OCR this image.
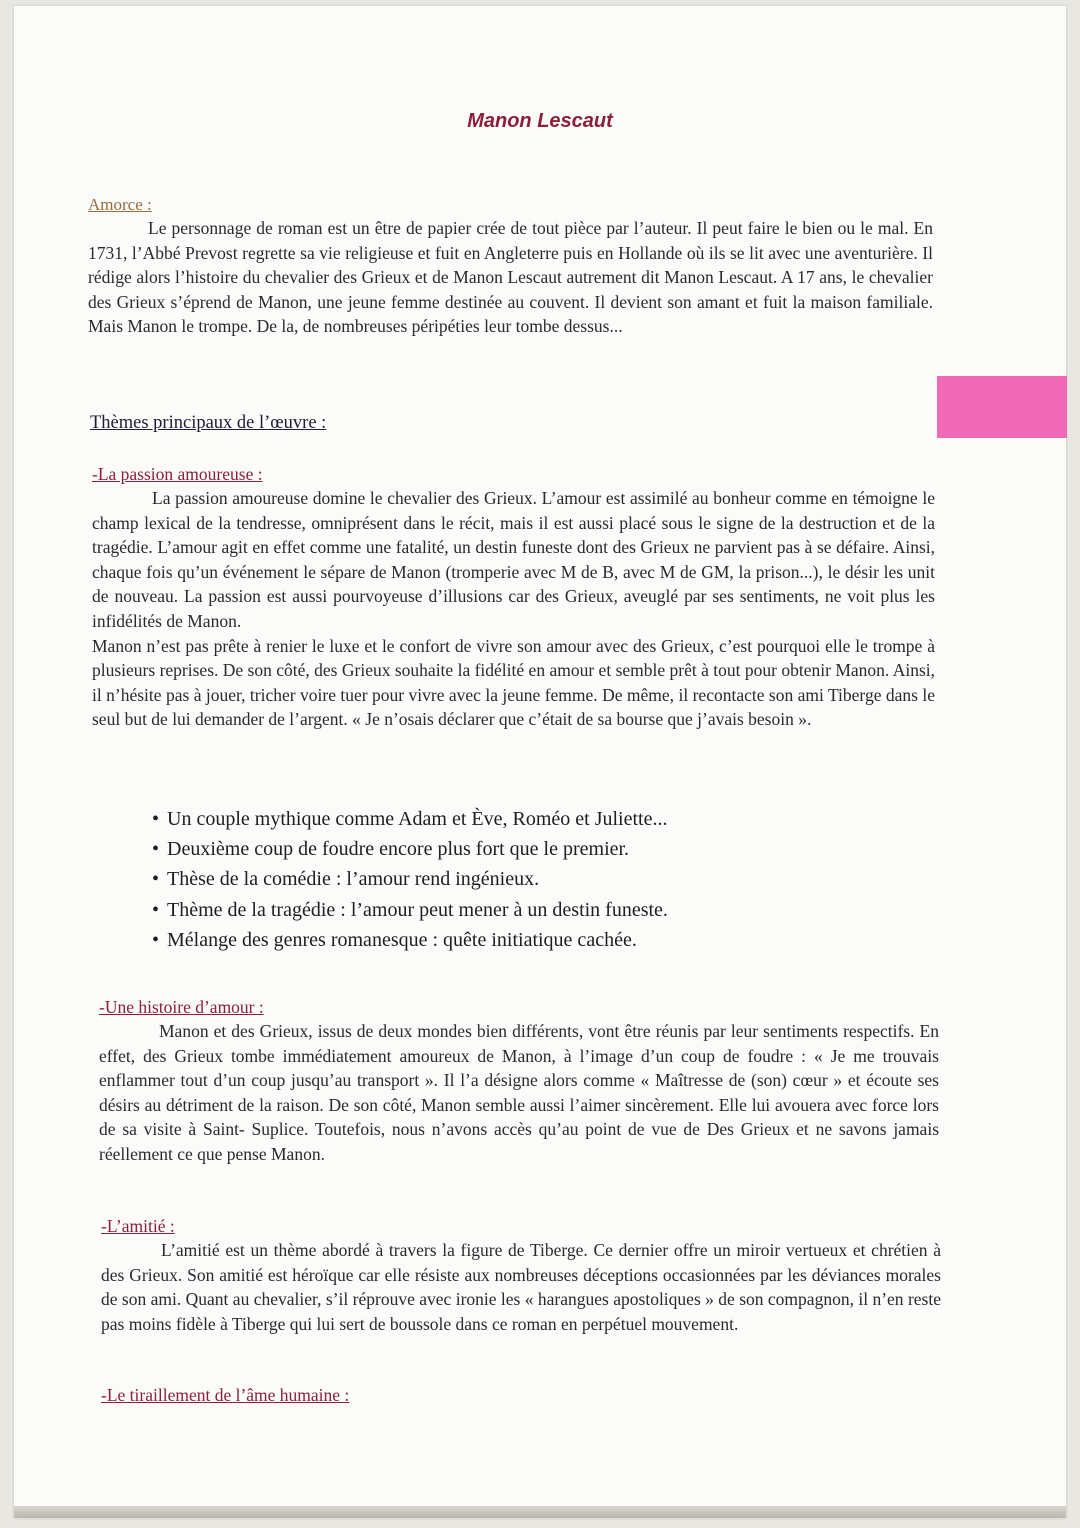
Manon Lescaut
Amorce :

Le personnage de roman est un être de papier crée de tout pièce par l’auteur. Il peut faire le bien ou le mal. En 1731, l’Abbé Prevost regrette sa vie religieuse et fuit en Angleterre puis en Hollande où ils se lit avec une aventurière. Il rédige alors l’histoire du chevalier des Grieux et de Manon Lescaut autrement dit Manon Lescaut. A 17 ans, le chevalier des Grieux s’éprend de Manon, une jeune femme destinée au couvent. Il devient son amant et fuit la maison familiale. Mais Manon le trompe. De la, de nombreuses péripéties leur tombe dessus...

Thèmes principaux de l’œuvre :
-La passion amoureuse :

La passion amoureuse domine le chevalier des Grieux. L’amour est assimilé au bonheur comme en témoigne le champ lexical de la tendresse, omniprésent dans le récit, mais il est aussi placé sous le signe de la destruction et de la tragédie. L’amour agit en effet comme une fatalité, un destin funeste dont des Grieux ne parvient pas à se défaire. Ainsi, chaque fois qu’un événement le sépare de Manon (tromperie avec M de B, avec M de GM, la prison...), le désir les unit de nouveau. La passion est aussi pourvoyeuse d’illusions car des Grieux, aveuglé par ses sentiments, ne voit plus les infidélités de Manon.

Manon n’est pas prête à renier le luxe et le confort de vivre son amour avec des Grieux, c’est pourquoi elle le trompe à plusieurs reprises. De son côté, des Grieux souhaite la fidélité en amour et semble prêt à tout pour obtenir Manon. Ainsi, il n’hésite pas à jouer, tricher voire tuer pour vivre avec la jeune femme. De même, il recontacte son ami Tiberge dans le seul but de lui demander de l’argent. « Je n’osais déclarer que c’était de sa bourse que j’avais besoin ».

• Un couple mythique comme Adam et Ève, Roméo et Juliette...
• Deuxième coup de foudre encore plus fort que le premier.
• Thèse de la comédie : l’amour rend ingénieux.
• Thème de la tragédie : l’amour peut mener à un destin funeste.
• Mélange des genres romanesque : quête initiatique cachée.
-Une histoire d’amour :

Manon et des Grieux, issus de deux mondes bien différents, vont être réunis par leur sentiments respectifs. En effet, des Grieux tombe immédiatement amoureux de Manon, à l’image d’un coup de foudre : « Je me trouvais enflammer tout d’un coup jusqu’au transport ». Il l’a désigne alors comme « Maîtresse de (son) cœur » et écoute ses désirs au détriment de la raison. De son côté, Manon semble aussi l’aimer sincèrement. Elle lui avouera avec force lors de sa visite à Saint- Suplice. Toutefois, nous n’avons accès qu’au point de vue de Des Grieux et ne savons jamais réellement ce que pense Manon.

-L’amitié :

L’amitié est un thème abordé à travers la figure de Tiberge. Ce dernier offre un miroir vertueux et chrétien à des Grieux. Son amitié est héroïque car elle résiste aux nombreuses déceptions occasionnées par les déviances morales de son ami. Quant au chevalier, s’il réprouve avec ironie les « harangues apostoliques » de son compagnon, il n’en reste pas moins fidèle à Tiberge qui lui sert de boussole dans ce roman en perpétuel mouvement.

-Le tiraillement de l’âme humaine :
